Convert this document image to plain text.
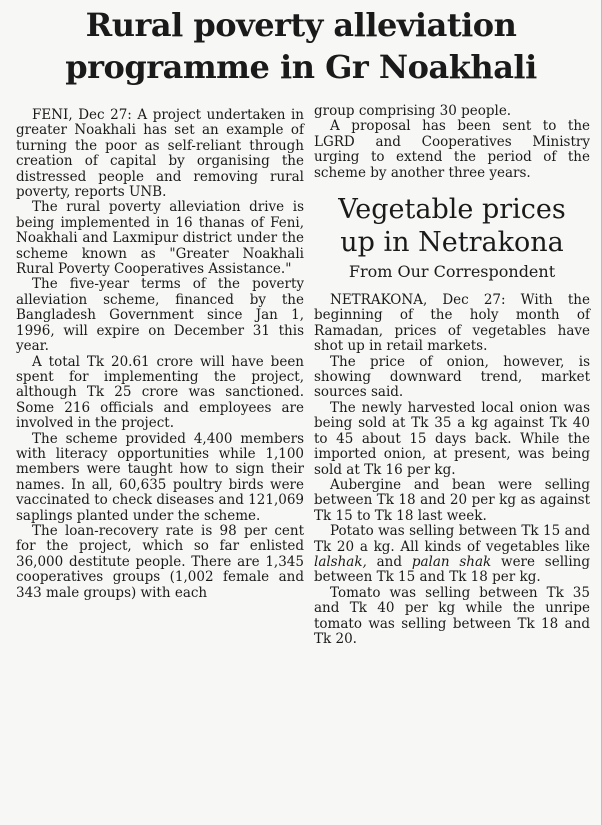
Rural poverty alleviation
programme in Gr Noakhali

FENI, Dec 27: A project undertaken in greater Noakhali has set an example of turning the poor as self-reliant through creation of capital by organising the distressed people and removing rural poverty, reports UNB.

The rural poverty alleviation drive is being implemented in 16 thanas of Feni, Noakhali and Laxmipur district under the scheme known as "Greater Noakhali Rural Poverty Cooperatives Assistance."

The five-year terms of the poverty alleviation scheme, financed by the Bangladesh Government since Jan 1, 1996, will expire on December 31 this year.

A total Tk 20.61 crore will have been spent for implementing the project, although Tk 25 crore was sanctioned. Some 216 officials and employees are involved in the project.

The scheme provided 4,400 members with literacy opportunities while 1,100 members were taught how to sign their names. In all, 60,635 poultry birds were vaccinated to check diseases and 121,069 saplings planted under the scheme.

The loan-recovery rate is 98 per cent for the project, which so far enlisted 36,000 destitute people. There are 1,345 cooperatives groups (1,002 female and 343 male groups) with each

group comprising 30 people.

A proposal has been sent to the LGRD and Cooperatives Ministry urging to extend the period of the scheme by another three years.

Vegetable prices
up in Netrakona
From Our Correspondent

NETRAKONA, Dec 27: With the beginning of the holy month of Ramadan, prices of vegetables have shot up in retail markets.

The price of onion, however, is showing downward trend, market sources said.

The newly harvested local onion was being sold at Tk 35 a kg against Tk 40 to 45 about 15 days back. While the imported onion, at present, was being sold at Tk 16 per kg.

Aubergine and bean were selling between Tk 18 and 20 per kg as against Tk 15 to Tk 18 last week.

Potato was selling between Tk 15 and Tk 20 a kg. All kinds of vegetables like lalshak, and palan shak were selling between Tk 15 and Tk 18 per kg.

Tomato was selling between Tk 35 and Tk 40 per kg while the unripe tomato was selling between Tk 18 and Tk 20.
